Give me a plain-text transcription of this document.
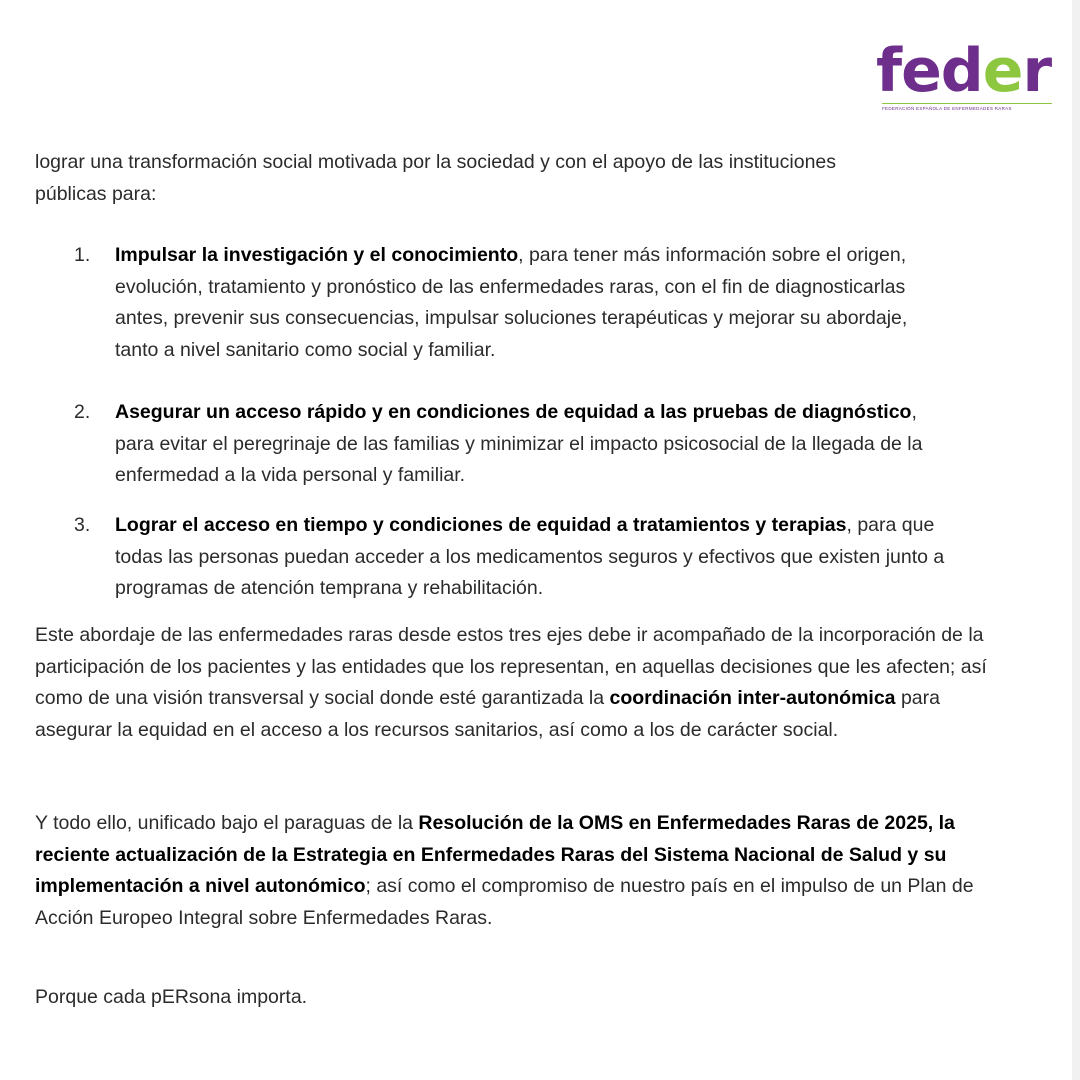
feder
FEDERACIÓN ESPAÑOLA DE ENFERMEDADES RARAS
lograr una transformación social motivada por la sociedad y con el apoyo de las instituciones públicas para:
1.	Impulsar la investigación y el conocimiento, para tener más información sobre el origen, evolución, tratamiento y pronóstico de las enfermedades raras, con el fin de diagnosticarlas antes, prevenir sus consecuencias, impulsar soluciones terapéuticas y mejorar su abordaje, tanto a nivel sanitario como social y familiar.
2.	Asegurar un acceso rápido y en condiciones de equidad a las pruebas de diagnóstico, para evitar el peregrinaje de las familias y minimizar el impacto psicosocial de la llegada de la enfermedad a la vida personal y familiar.
3.	Lograr el acceso en tiempo y condiciones de equidad a tratamientos y terapias, para que todas las personas puedan acceder a los medicamentos seguros y efectivos que existen junto a programas de atención temprana y rehabilitación.
Este abordaje de las enfermedades raras desde estos tres ejes debe ir acompañado de la incorporación de la participación de los pacientes y las entidades que los representan, en aquellas decisiones que les afecten; así como de una visión transversal y social donde esté garantizada la coordinación inter-autonómica para asegurar la equidad en el acceso a los recursos sanitarios, así como a los de carácter social.
Y todo ello, unificado bajo el paraguas de la Resolución de la OMS en Enfermedades Raras de 2025, la reciente actualización de la Estrategia en Enfermedades Raras del Sistema Nacional de Salud y su implementación a nivel autonómico; así como el compromiso de nuestro país en el impulso de un Plan de Acción Europeo Integral sobre Enfermedades Raras.
Porque cada pERsona importa.
